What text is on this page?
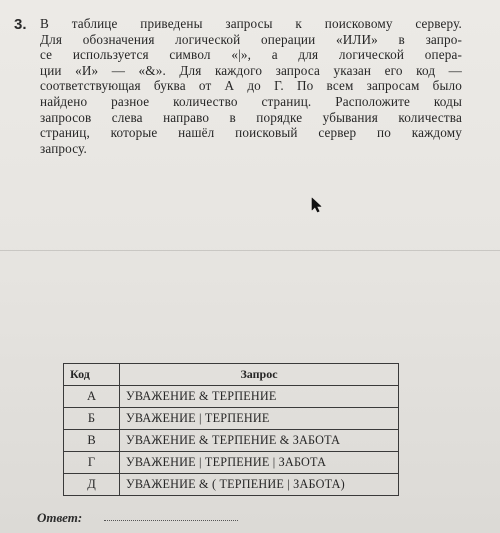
3. В таблице приведены запросы к поисковому серверу.
Для обозначения логической операции «ИЛИ» в запро-
се используется символ «|», а для логической опера-
ции «И» — «&». Для каждого запроса указан его код —
соответствующая буква от А до Г. По всем запросам было
найдено разное количество страниц. Расположите коды
запросов слева направо в порядке убывания количества
страниц, которые нашёл поисковый сервер по каждому
запросу.
Код	Запрос
А	УВАЖЕНИЕ & ТЕРПЕНИЕ
Б	УВАЖЕНИЕ | ТЕРПЕНИЕ
В	УВАЖЕНИЕ & ТЕРПЕНИЕ & ЗАБОТА
Г	УВАЖЕНИЕ | ТЕРПЕНИЕ | ЗАБОТА
Д	УВАЖЕНИЕ & ( ТЕРПЕНИЕ | ЗАБОТА)
Ответ:
